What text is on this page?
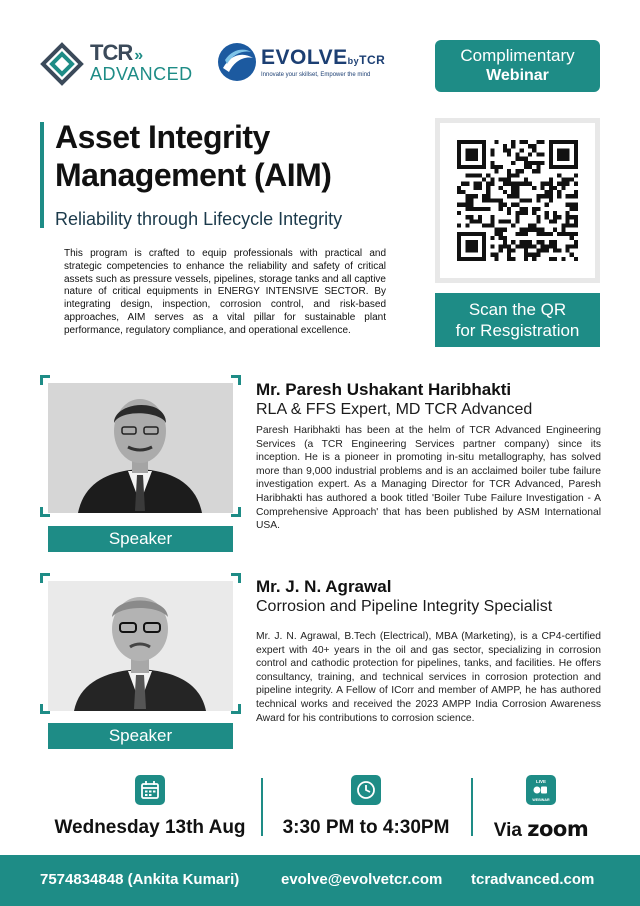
TCR »
ADVANCED
EVOLVEbyTCR
Innovate your skillset, Empower the mind
Complimentary
Webinar
Asset Integrity Management (AIM)
Reliability through Lifecycle Integrity
This program is crafted to equip professionals with practical and strategic competencies to enhance the reliability and safety of critical assets such as pressure vessels, pipelines, storage tanks and all captive nature of critical equipments in ENERGY INTENSIVE SECTOR. By integrating design, inspection, corrosion control, and risk-based approaches, AIM serves as a vital pillar for sustainable plant performance, regulatory compliance, and operational excellence.
Scan the QR
for Resgistration
Speaker
Mr. Paresh Ushakant Haribhakti
RLA & FFS Expert, MD TCR Advanced
Paresh Haribhakti has been at the helm of TCR Advanced Engineering Services (a TCR Engineering Services partner company) since its inception. He is a pioneer in promoting in-situ metallography, has solved more than 9,000 industrial problems and is an acclaimed boiler tube failure investigation expert. As a Managing Director for TCR Advanced, Paresh Haribhakti has authored a book titled 'Boiler Tube Failure Investigation - A Comprehensive Approach' that has been published by ASM International USA.
Speaker
Mr. J. N. Agrawal
Corrosion and Pipeline Integrity Specialist
Mr. J. N. Agrawal, B.Tech (Electrical), MBA (Marketing), is a CP4-certified expert with 40+ years in the oil and gas sector, specializing in corrosion control and cathodic protection for pipelines, tanks, and facilities. He offers consultancy, training, and technical services in corrosion protection and pipeline integrity. A Fellow of ICorr and member of AMPP, he has authored technical works and received the 2023 AMPP India Corrosion Awareness Award for his contributions to corrosion science.
Wednesday 13th Aug	3:30 PM to 4:30PM
LIVE
WEBINAR
Via zoom
7574834848 (Ankita Kumari)	evolve@evolvetcr.com tcradvanced.com
